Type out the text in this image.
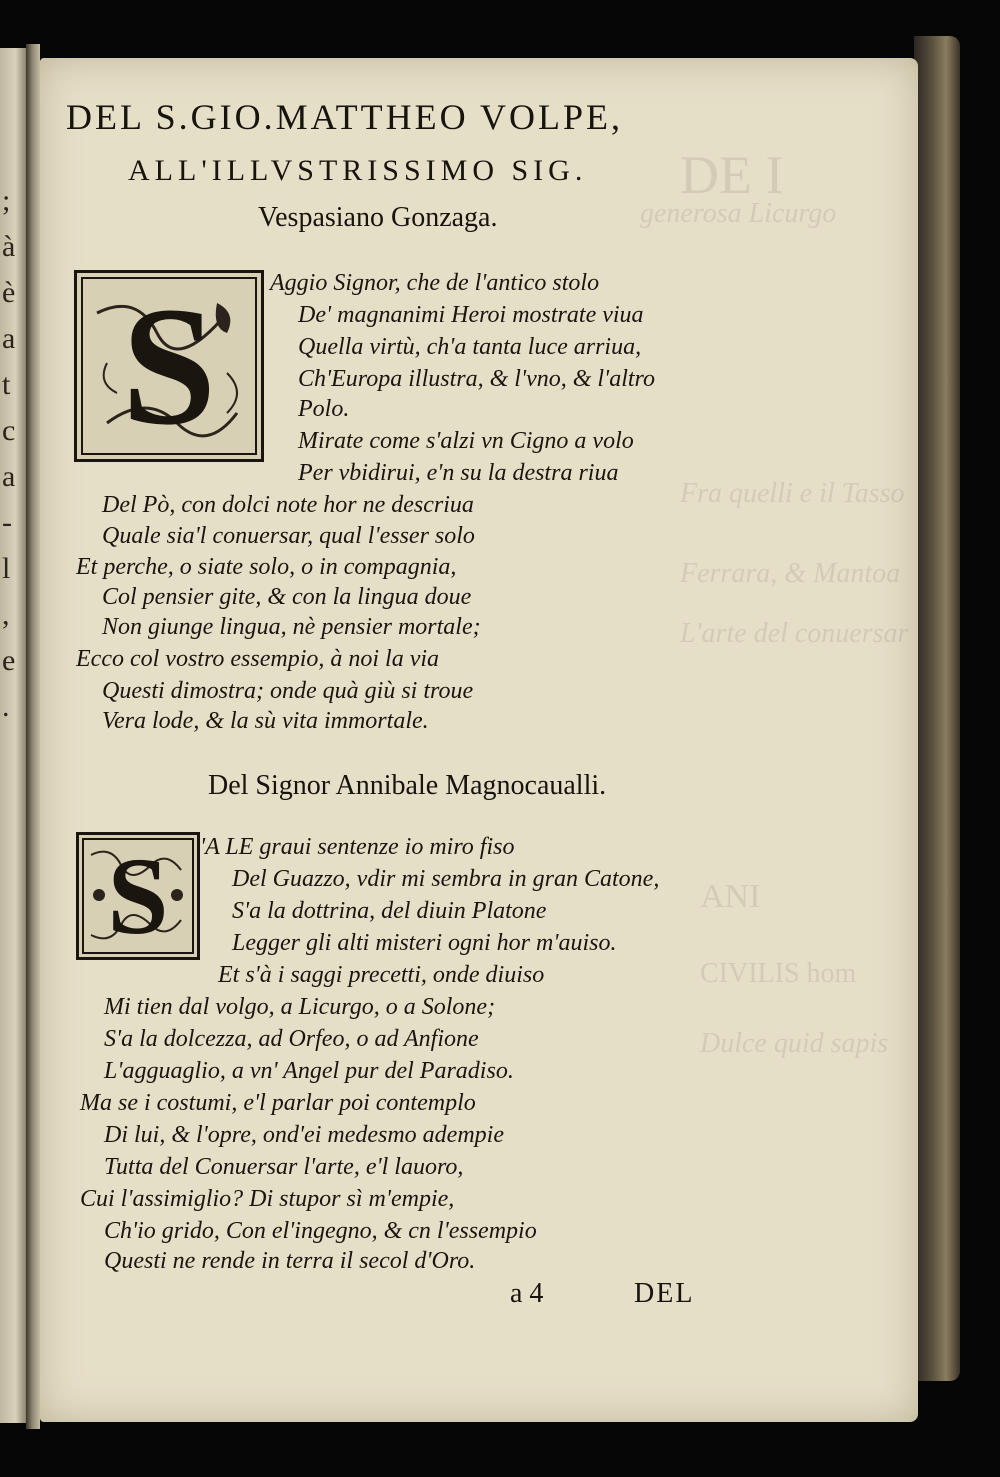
;
à
è
a
t
c
a
-
l
,
e
.
DE I
generosa Licurgo
Fra quelli e il Tasso
Ferrara, & Mantoa
L'arte del conuersar
ANI
CIVILIS hom
Dulce quid sapis
DEL S.GIO.MATTHEO VOLPE,
ALL'ILLVSTRISSIMO SIG.
Vespasiano Gonzaga.
S Aggio Signor, che de l'antico stolo
De' magnanimi Heroi mostrate viua
Quella virtù, ch'a tanta luce arriua,
Ch'Europa illustra, & l'vno, & l'altro
Polo.
Mirate come s'alzi vn Cigno a volo
Per vbidirui, e'n su la destra riua
Del Pò, con dolci note hor ne descriua
Quale sia'l conuersar, qual l'esser solo
Et perche, o siate solo, o in compagnia,
Col pensier gite, & con la lingua doue
Non giunge lingua, nè pensier mortale;
Ecco col vostro essempio, à noi la via
Questi dimostra; onde quà giù si troue
Vera lode, & la sù vita immortale.
Del Signor Annibale Magnocaualli.
S 'A LE graui sentenze io miro fiso
Del Guazzo, vdir mi sembra in gran Catone,
S'a la dottrina, del diuin Platone
Legger gli alti misteri ogni hor m'auiso.
Et s'à i saggi precetti, onde diuiso
Mi tien dal volgo, a Licurgo, o a Solone;
S'a la dolcezza, ad Orfeo, o ad Anfione
L'agguaglio, a vn' Angel pur del Paradiso.
Ma se i costumi, e'l parlar poi contemplo
Di lui, & l'opre, ond'ei medesmo adempie
Tutta del Conuersar l'arte, e'l lauoro,
Cui l'assimiglio? Di stupor sì m'empie,
Ch'io grido, Con el'ingegno, & cn l'essempio
Questi ne rende in terra il secol d'Oro.
a 4	DEL
